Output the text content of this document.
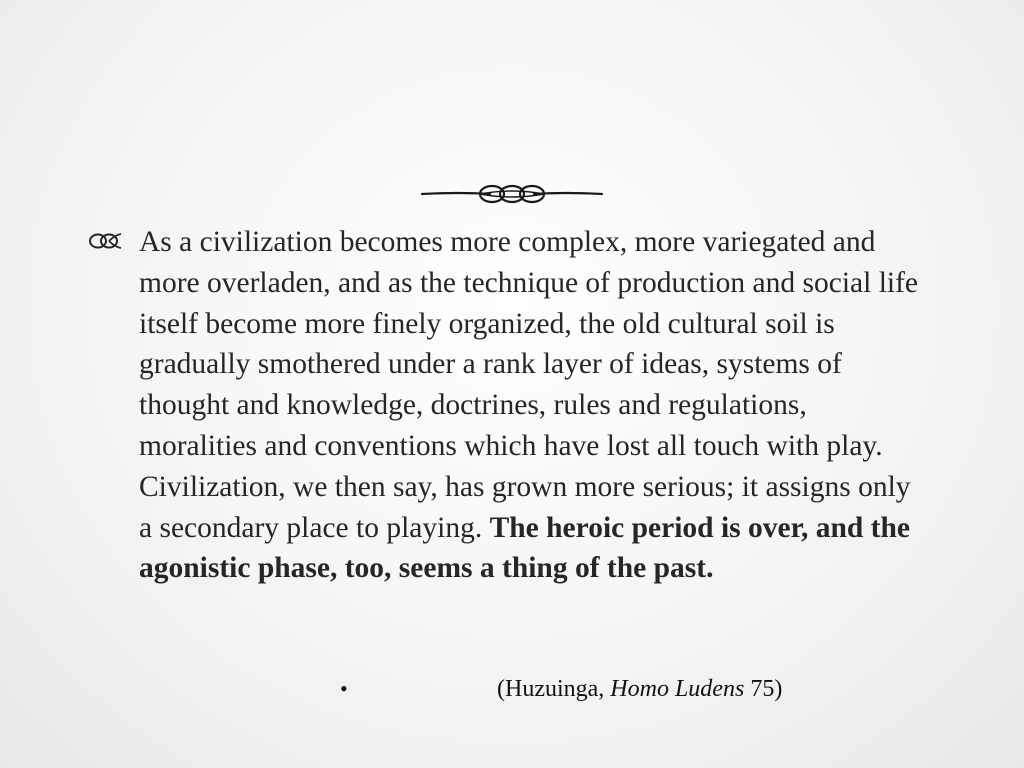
As a civilization becomes more complex, more variegated and more overladen, and as the technique of production and social life itself become more finely organized, the old cultural soil is gradually smothered under a rank layer of ideas, systems of thought and knowledge, doctrines, rules and regulations, moralities and conventions which have lost all touch with play. Civilization, we then say, has grown more serious; it assigns only a secondary place to playing. The heroic period is over, and the agonistic phase, too, seems a thing of the past.
•	(Huzuinga, Homo Ludens 75)
